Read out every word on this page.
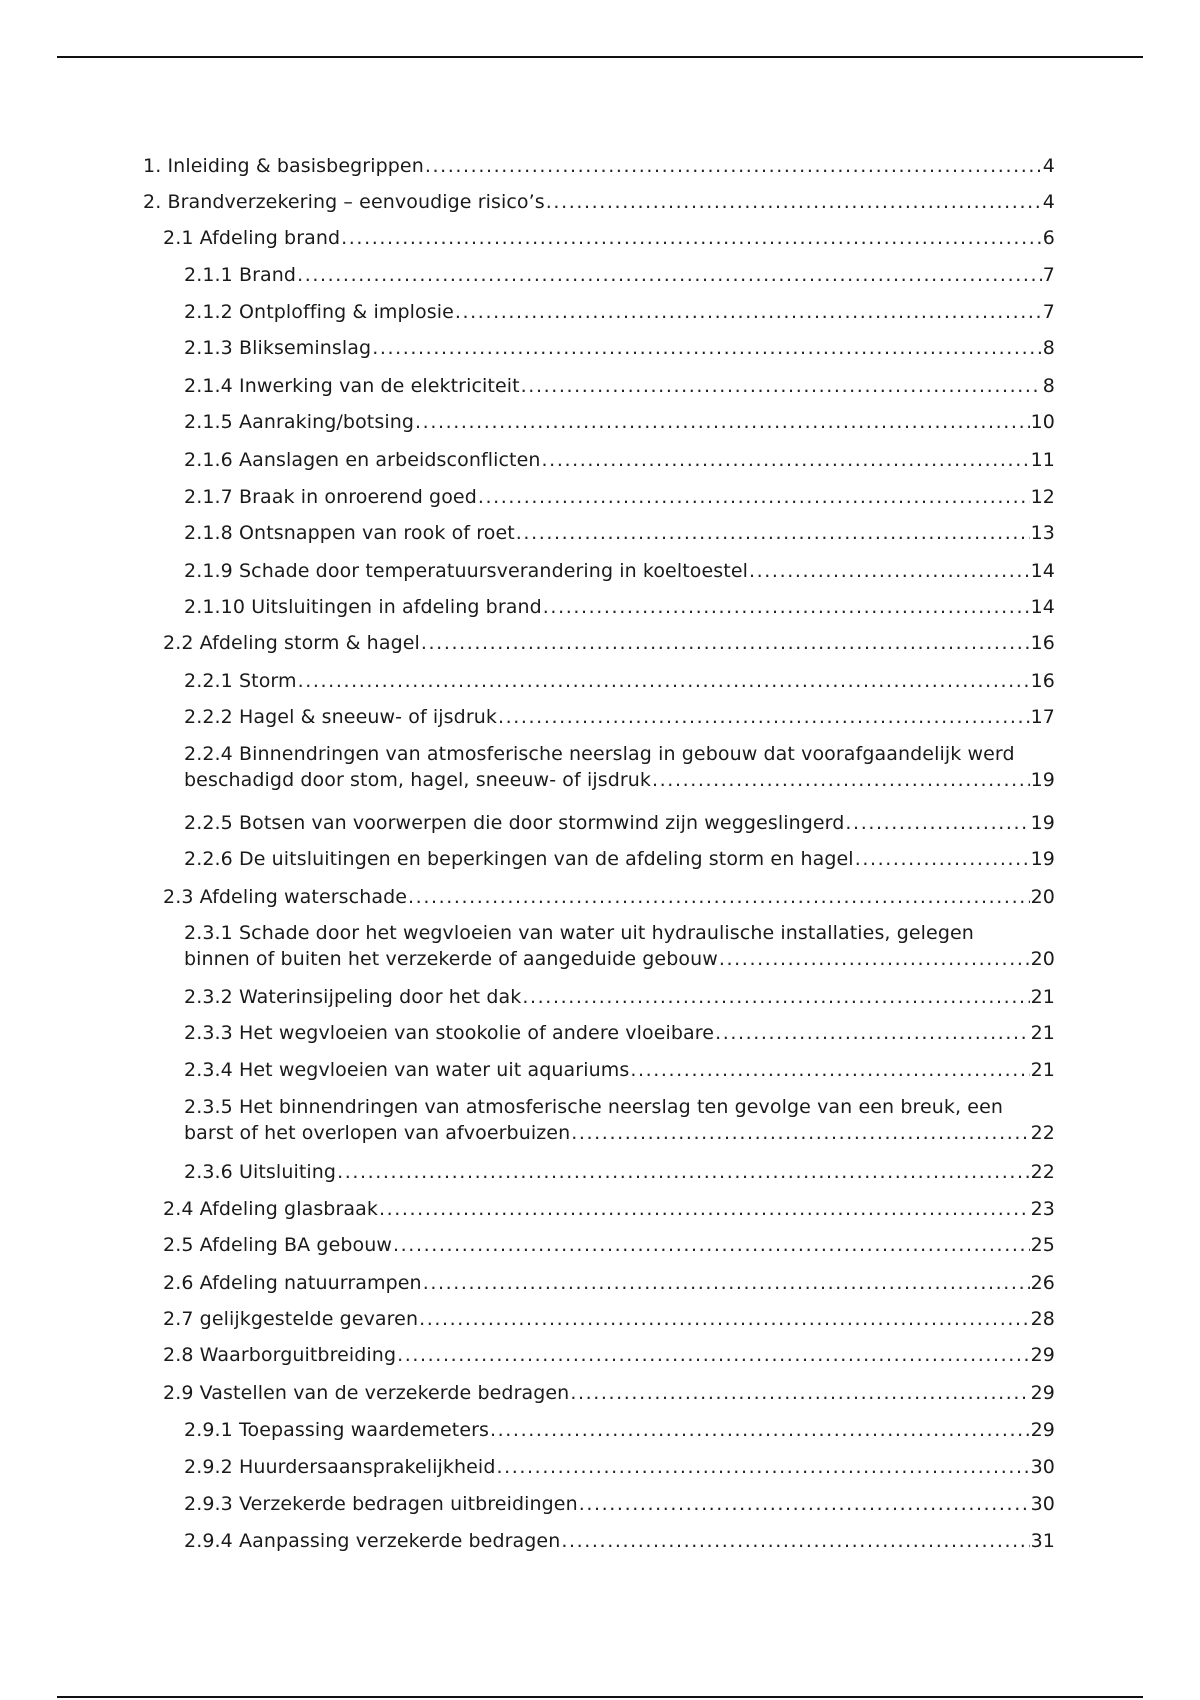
1. Inleiding & basisbegrippen .....	4
2. Brandverzekering – eenvoudige risico’s .....	4
2.1 Afdeling brand .....	6
2.1.1 Brand .....	7
2.1.2 Ontploffing & implosie .....	7
2.1.3 Blikseminslag .....	8
2.1.4 Inwerking van de elektriciteit .....	8
2.1.5 Aanraking/botsing .....	10
2.1.6 Aanslagen en arbeidsconflicten .....	11
2.1.7 Braak in onroerend goed .....	12
2.1.8 Ontsnappen van rook of roet .....	13
2.1.9 Schade door temperatuursverandering in koeltoestel .....	14
2.1.10 Uitsluitingen in afdeling brand .....	14
2.2 Afdeling storm & hagel .....	16
2.2.1 Storm .....	16
2.2.2 Hagel & sneeuw- of ijsdruk .....	17
2.2.4 Binnendringen van atmosferische neerslag in gebouw dat voorafgaandelijk werd
beschadigd door stom, hagel, sneeuw- of ijsdruk .....	19
2.2.5 Botsen van voorwerpen die door stormwind zijn weggeslingerd .....	19
2.2.6 De uitsluitingen en beperkingen van de afdeling storm en hagel .....	19
2.3 Afdeling waterschade .....	20
2.3.1 Schade door het wegvloeien van water uit hydraulische installaties, gelegen
binnen of buiten het verzekerde of aangeduide gebouw .....	20
2.3.2 Waterinsijpeling door het dak .....	21
2.3.3 Het wegvloeien van stookolie of andere vloeibare .....	21
2.3.4 Het wegvloeien van water uit aquariums .....	21
2.3.5 Het binnendringen van atmosferische neerslag ten gevolge van een breuk, een
barst of het overlopen van afvoerbuizen .....	22
2.3.6 Uitsluiting .....	22
2.4 Afdeling glasbraak .....	23
2.5 Afdeling BA gebouw .....	25
2.6 Afdeling natuurrampen .....	26
2.7 gelijkgestelde gevaren .....	28
2.8 Waarborguitbreiding .....	29
2.9 Vastellen van de verzekerde bedragen .....	29
2.9.1 Toepassing waardemeters .....	29
2.9.2 Huurdersaansprakelijkheid .....	30
2.9.3 Verzekerde bedragen uitbreidingen .....	30
2.9.4 Aanpassing verzekerde bedragen .....	31
